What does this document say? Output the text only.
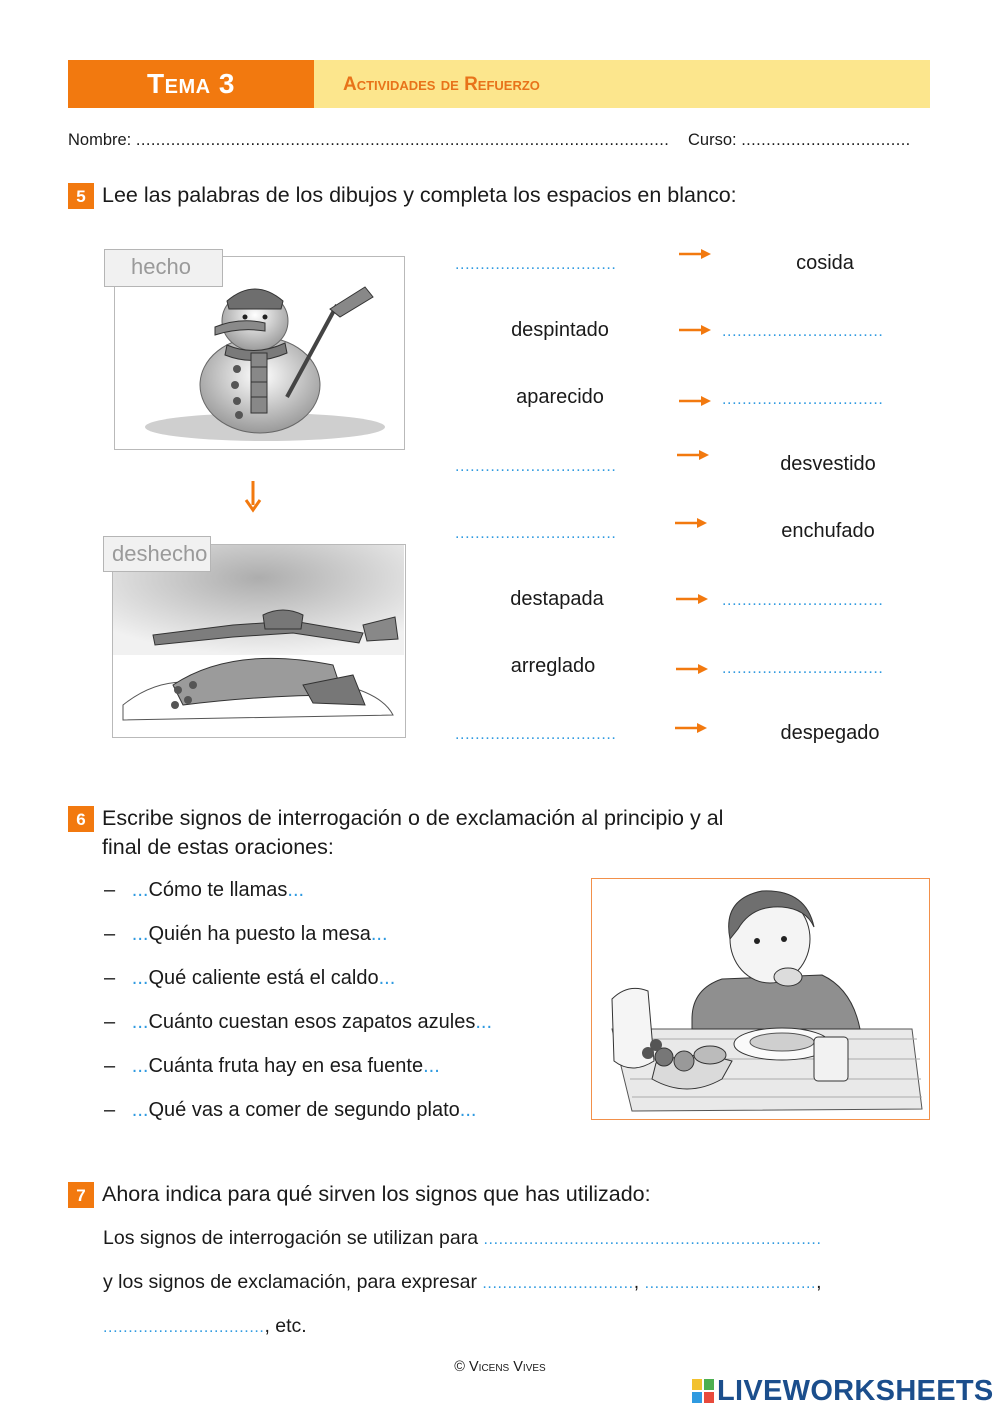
Tema 3	Actividades de Refuerzo
Nombre: ........................................................................................................... Curso: ..................................
5 Lee las palabras de los dibujos y completa los espacios en blanco:
hecho
deshecho
................................	cosida
despintado	................................
aparecido	................................
................................	desvestido
................................	enchufado
destapada	................................
arreglado	................................
................................	despegado
6 Escribe signos de interrogación o de exclamación al principio y al
final de estas oraciones:
– ...Cómo te llamas...
– ...Quién ha puesto la mesa...
– ...Qué caliente está el caldo...
– ...Cuánto cuestan esos zapatos azules...
– ...Cuánta fruta hay en esa fuente...
– ...Qué vas a comer de segundo plato...
7 Ahora indica para qué sirven los signos que has utilizado:
Los signos de interrogación se utilizan para ...................................................................
y los signos de exclamación, para expresar .............................., ..................................,
................................, etc.
© Vicens Vives
LIVEWORKSHEETS
